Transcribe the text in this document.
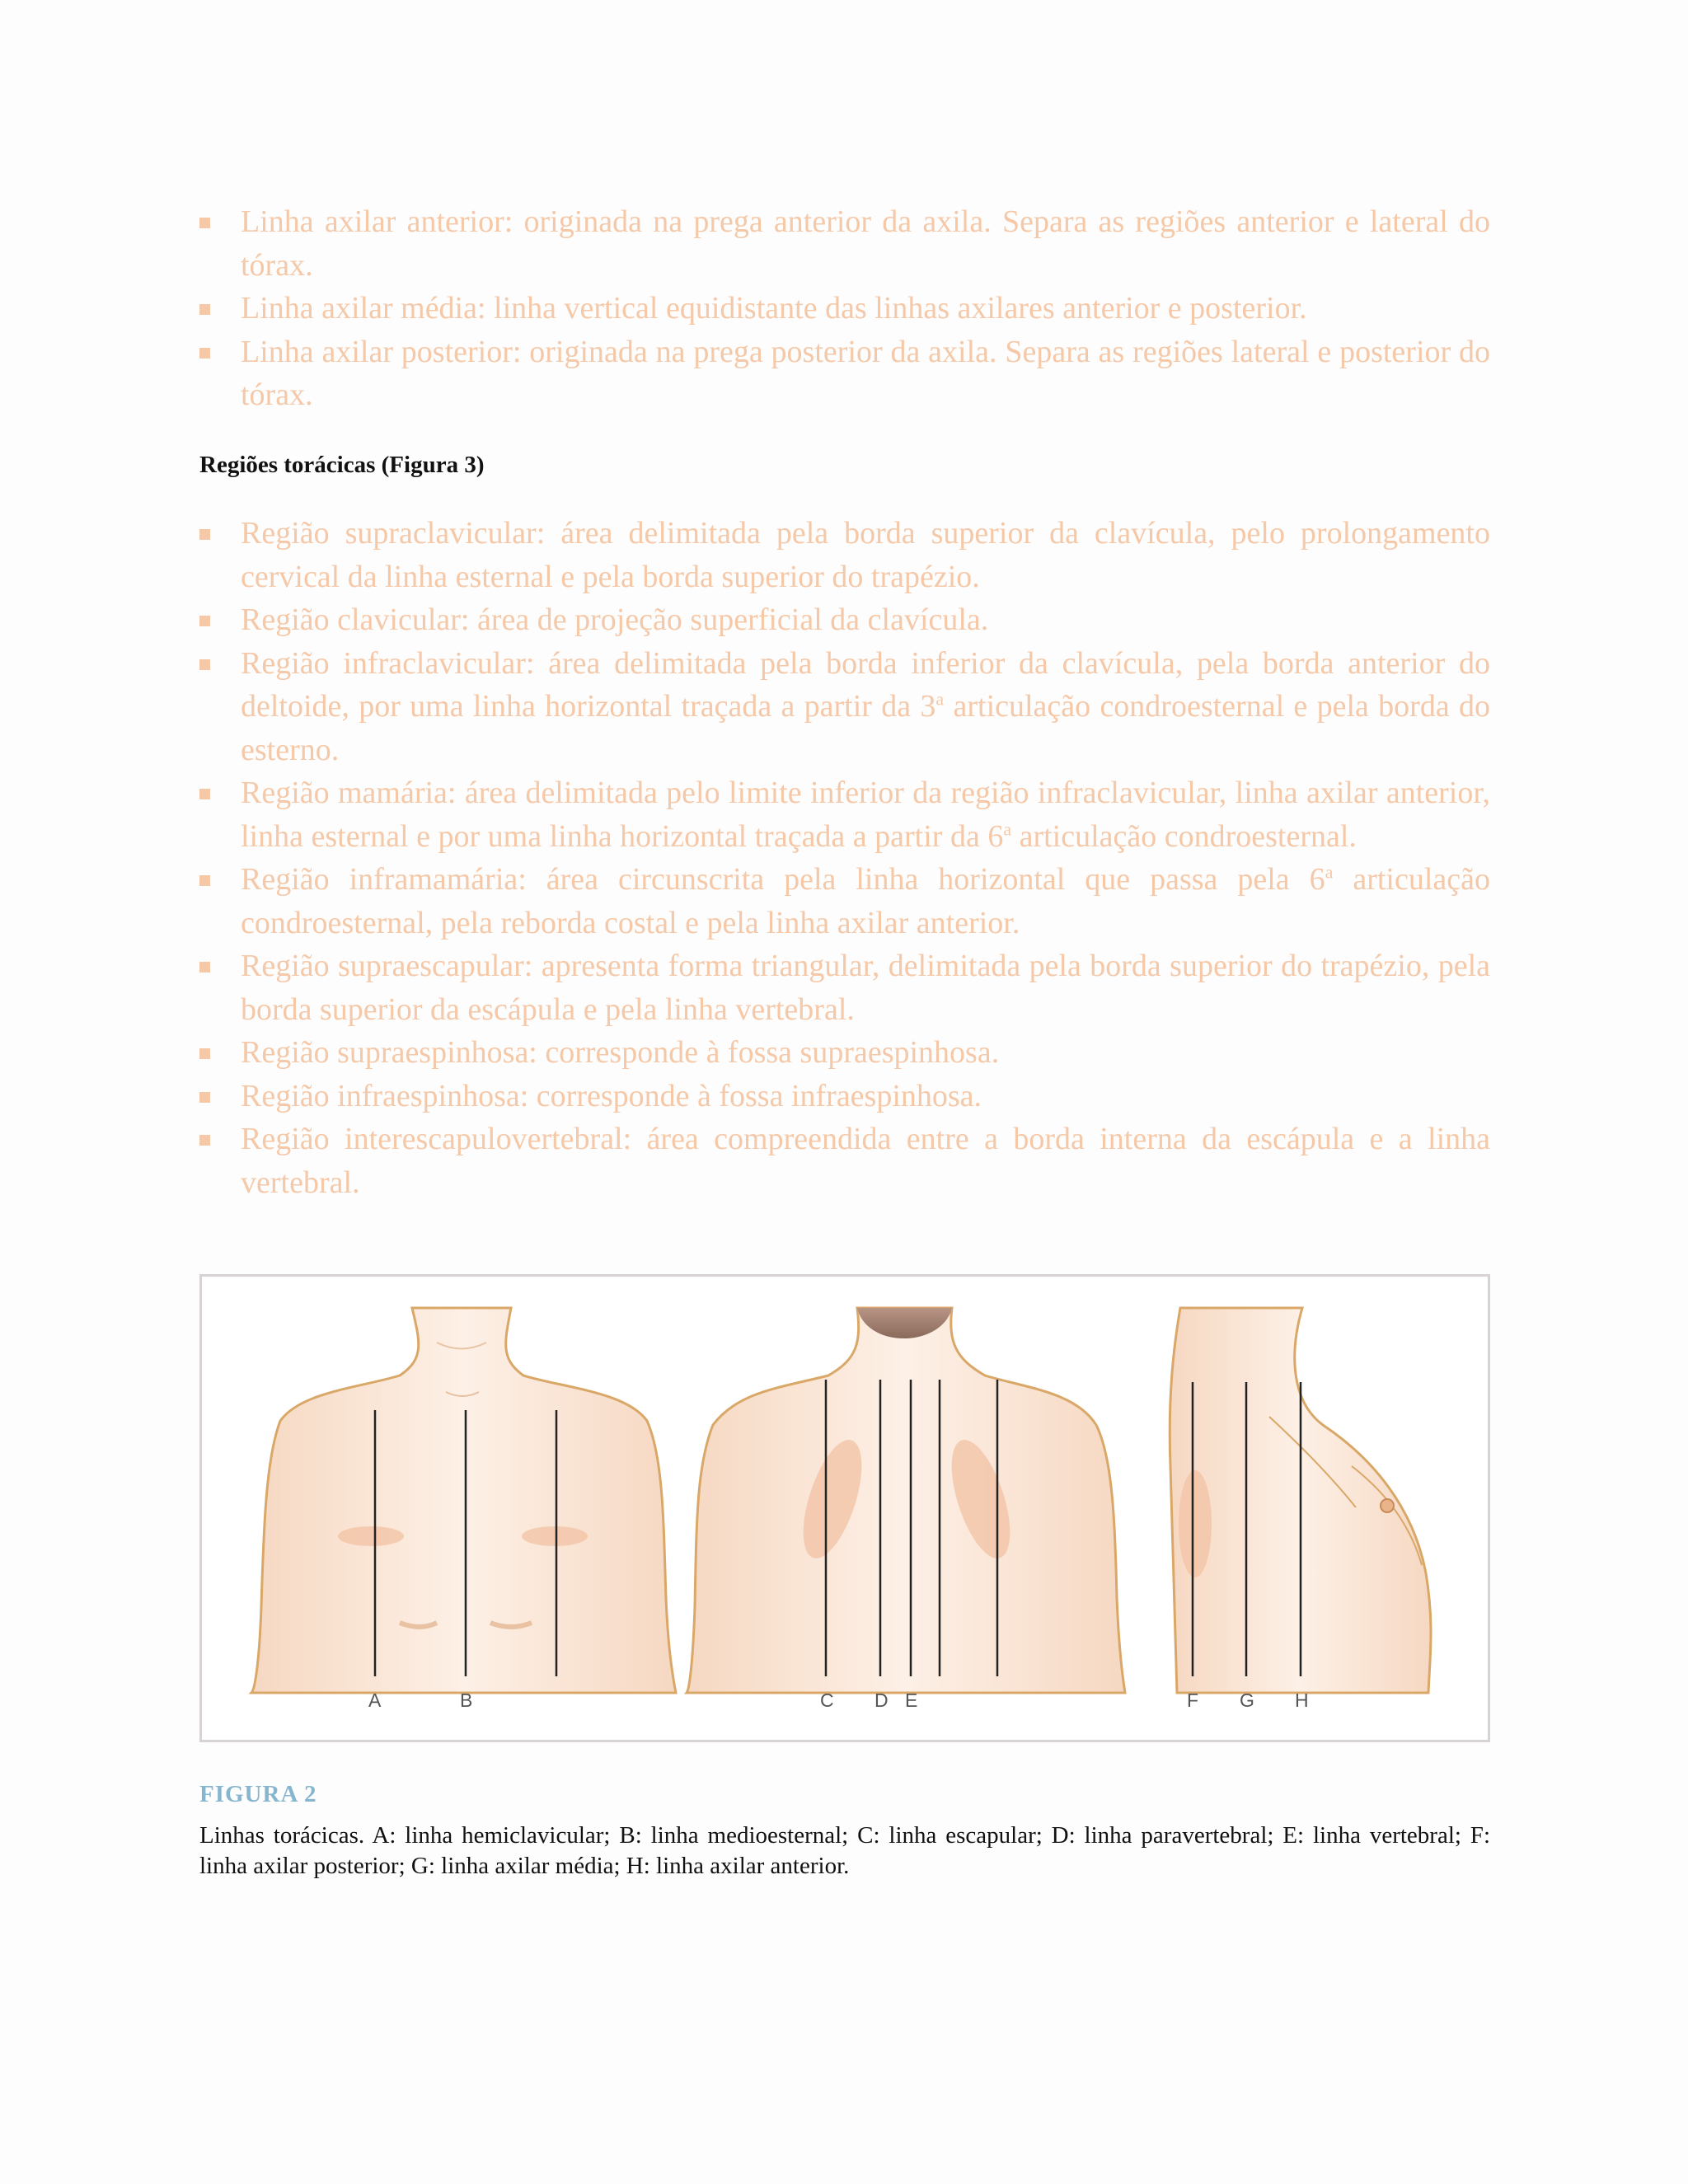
Linha axilar anterior: originada na prega anterior da axila. Separa as regiões anterior e lateral do tórax.
Linha axilar média: linha vertical equidistante das linhas axilares anterior e posterior.
Linha axilar posterior: originada na prega posterior da axila. Separa as regiões lateral e posterior do tórax.
Regiões torácicas (Figura 3)
Região supraclavicular: área delimitada pela borda superior da clavícula, pelo prolongamento cervical da linha esternal e pela borda superior do trapézio.
Região clavicular: área de projeção superficial da clavícula.
Região infraclavicular: área delimitada pela borda inferior da clavícula, pela borda anterior do deltoide, por uma linha horizontal traçada a partir da 3$^a$ articulação condroesternal e pela borda do esterno.
Região mamária: área delimitada pelo limite inferior da região infraclavicular, linha axilar anterior, linha esternal e por uma linha horizontal traçada a partir da 6$^a$ articulação condroesternal.
Região inframamária: área circunscrita pela linha horizontal que passa pela 6$^a$ articulação condroesternal, pela reborda costal e pela linha axilar anterior.
Região supraescapular: apresenta forma triangular, delimitada pela borda superior do trapézio, pela borda superior da escápula e pela linha vertebral.
Região supraespinhosa: corresponde à fossa supraespinhosa.
Região infraespinhosa: corresponde à fossa infraespinhosa.
Região interescapulovertebral: área compreendida entre a borda interna da escápula e a linha vertebral.
A	B	C D E	F G H
FIGURA 2
Linhas torácicas. A: linha hemiclavicular; B: linha medioesternal; C: linha escapular; D: linha paravertebral; E: linha vertebral; F: linha axilar posterior; G: linha axilar média; H: linha axilar anterior.
